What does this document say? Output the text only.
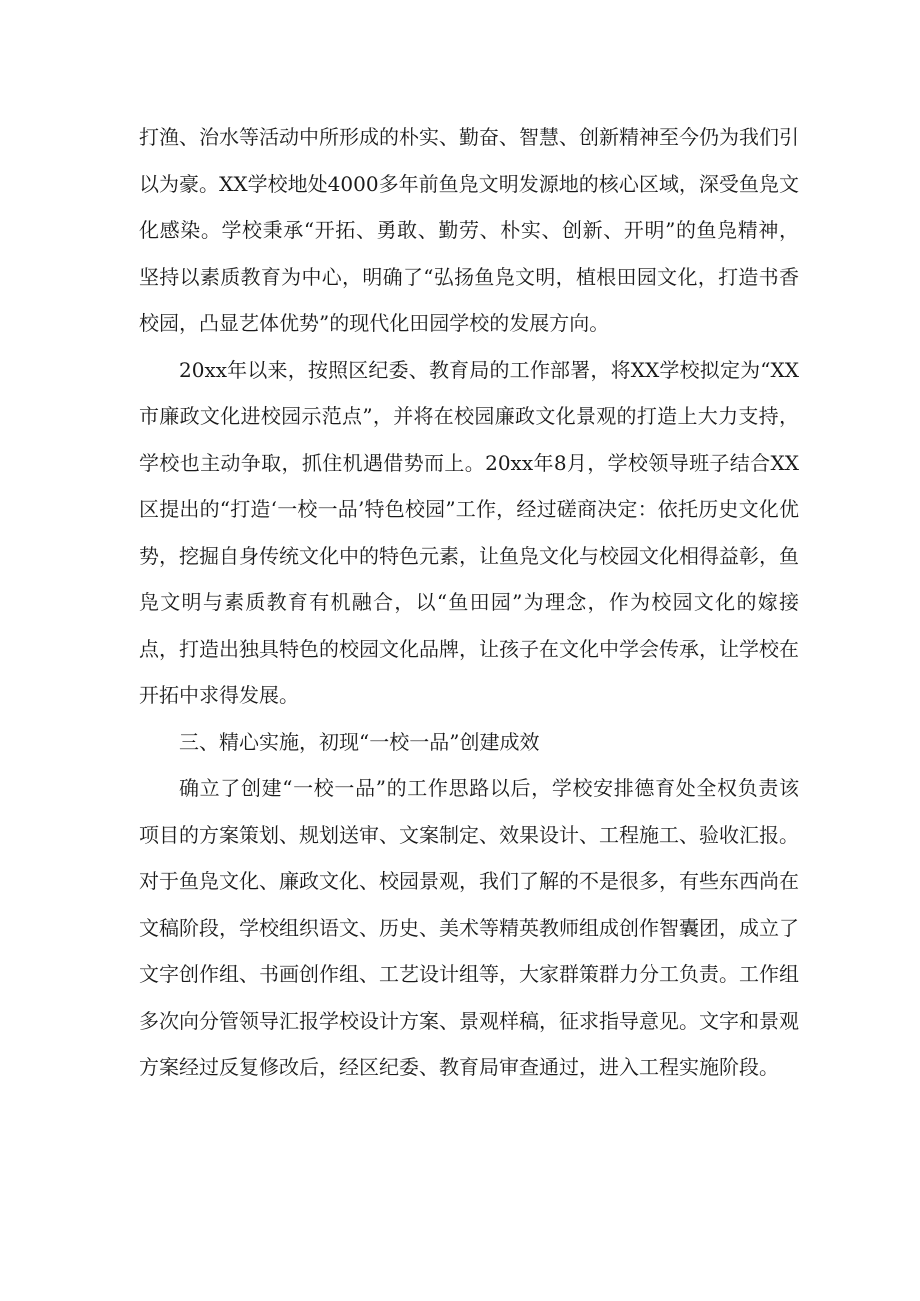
打渔、治水等活动中所形成的朴实、勤奋、智慧、创新精神至今仍为我们引以为豪。XX学校地处4000多年前鱼凫文明发源地的核心区域，深受鱼凫文化感染。学校秉承“开拓、勇敢、勤劳、朴实、创新、开明”的鱼凫精神，坚持以素质教育为中心，明确了“弘扬鱼凫文明，植根田园文化，打造书香校园，凸显艺体优势”的现代化田园学校的发展方向。

20xx年以来，按照区纪委、教育局的工作部署，将XX学校拟定为“XX市廉政文化进校园示范点”，并将在校园廉政文化景观的打造上大力支持，学校也主动争取，抓住机遇借势而上。20xx年8月，学校领导班子结合XX区提出的“打造‘一校一品’特色校园”工作，经过磋商决定：依托历史文化优势，挖掘自身传统文化中的特色元素，让鱼凫文化与校园文化相得益彰，鱼凫文明与素质教育有机融合，以“鱼田园”为理念，作为校园文化的嫁接点，打造出独具特色的校园文化品牌，让孩子在文化中学会传承，让学校在开拓中求得发展。

三、精心实施，初现“一校一品”创建成效

确立了创建“一校一品”的工作思路以后，学校安排德育处全权负责该项目的方案策划、规划送审、文案制定、效果设计、工程施工、验收汇报。对于鱼凫文化、廉政文化、校园景观，我们了解的不是很多，有些东西尚在文稿阶段，学校组织语文、历史、美术等精英教师组成创作智囊团，成立了文字创作组、书画创作组、工艺设计组等，大家群策群力分工负责。工作组多次向分管领导汇报学校设计方案、景观样稿，征求指导意见。文字和景观方案经过反复修改后，经区纪委、教育局审查通过，进入工程实施阶段。
